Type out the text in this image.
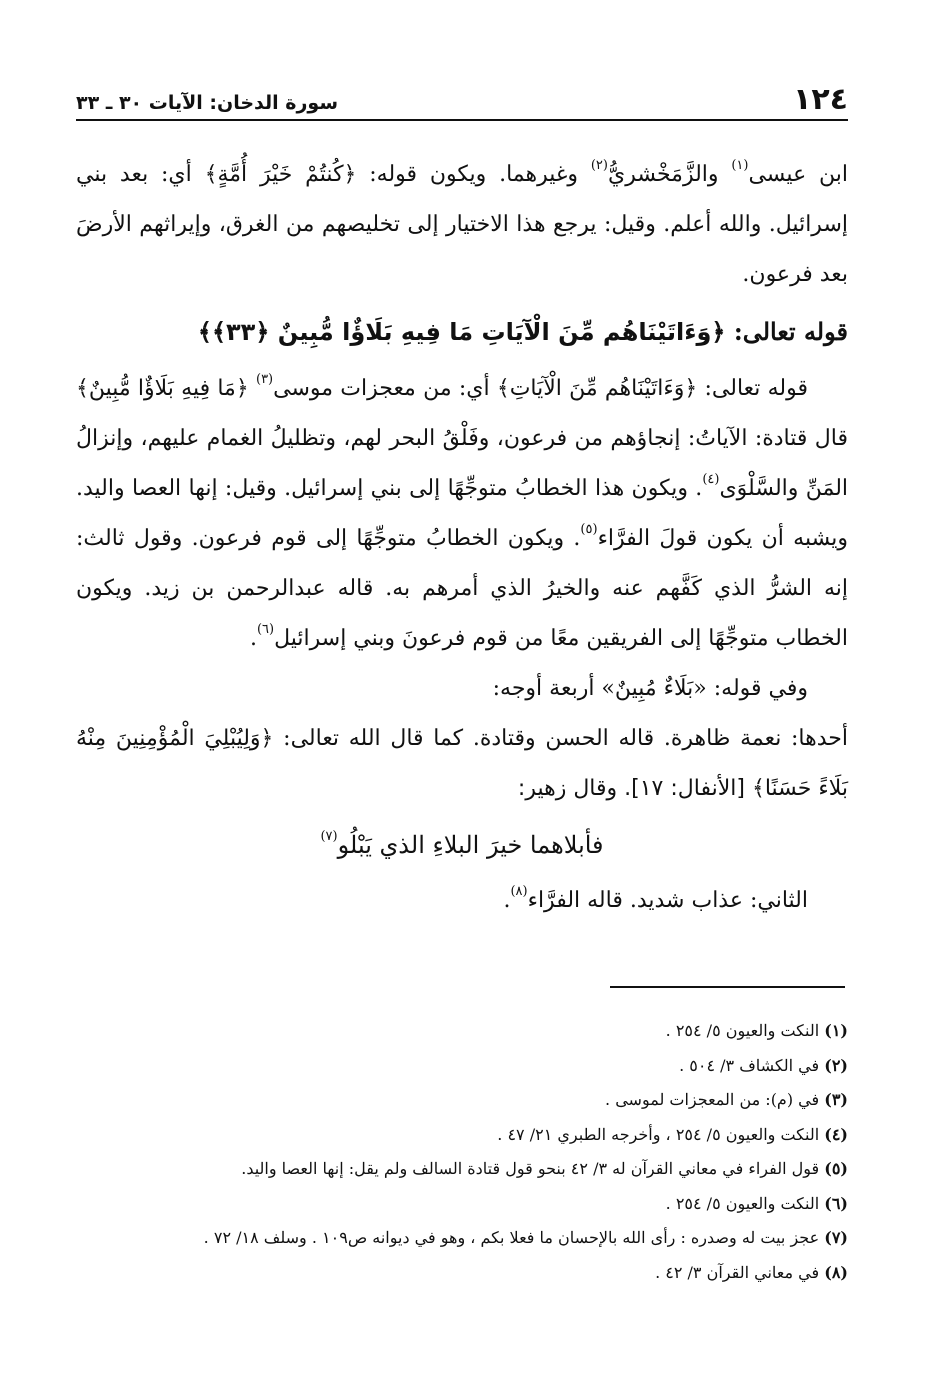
١٢٤
سورة الدخان: الآيات ٣٠ ـ ٣٣

ابن عيسى$^{(١)}$ والزَّمَخْشريُّ$^{(٢)}$ وغيرهما. ويكون قوله: ﴿كُنتُمْ خَيْرَ أُمَّةٍ﴾ أي: بعد بني إسرائيل. والله أعلم. وقيل: يرجع هذا الاختيار إلى تخليصهم من الغرق، وإيراثهم الأرضَ بعد فرعون.

قوله تعالى: ﴿وَءَاتَيْنَاهُم مِّنَ الْآيَاتِ مَا فِيهِ بَلَاؤٌا مُّبِينٌ ﴿٣٣﴾﴾

قوله تعالى: ﴿وَءَاتَيْنَاهُم مِّنَ الْآيَاتِ﴾ أي: من معجزات موسى$^{(٣)}$ ﴿مَا فِيهِ بَلَاؤٌا مُّبِينٌ﴾ قال قتادة: الآياتُ: إنجاؤهم من فرعون، وفَلْقُ البحر لهم، وتظليلُ الغمام عليهم، وإنزالُ المَنِّ والسَّلْوَى$^{(٤)}$. ويكون هذا الخطابُ متوجِّهًا إلى بني إسرائيل. وقيل: إنها العصا واليد. ويشبه أن يكون قولَ الفرَّاء$^{(٥)}$. ويكون الخطابُ متوجِّهًا إلى قوم فرعون. وقول ثالث: إنه الشرُّ الذي كَفَّهم عنه والخيرُ الذي أمرهم به. قاله عبدالرحمن بن زيد. ويكون الخطاب متوجِّهًا إلى الفريقين معًا من قوم فرعونَ وبني إسرائيل$^{(٦)}$.

وفي قوله: «بَلَاءٌ مُبِينٌ» أربعة أوجه:

أحدها: نعمة ظاهرة. قاله الحسن وقتادة. كما قال الله تعالى: ﴿وَلِيُبْلِيَ الْمُؤْمِنِينَ مِنْهُ بَلَاءً حَسَنًا﴾ [الأنفال: ١٧]. وقال زهير:

فأبلاهما خيرَ البلاءِ الذي يَبْلُو$^{(٧)}$

الثاني: عذاب شديد. قاله الفرَّاء$^{(٨)}$.

(١) النكت والعيون ٥/ ٢٥٤ .

(٢) في الكشاف ٣/ ٥٠٤ .

(٣) في (م): من المعجزات لموسى .

(٤) النكت والعيون ٥/ ٢٥٤ ، وأخرجه الطبري ٢١/ ٤٧ .

(٥) قول الفراء في معاني القرآن له ٣/ ٤٢ بنحو قول قتادة السالف ولم يقل: إنها العصا واليد.

(٦) النكت والعيون ٥/ ٢٥٤ .

(٧) عجز بيت له وصدره : رأى الله بالإحسان ما فعلا بكم ، وهو في ديوانه ص١٠٩ . وسلف ١٨/ ٧٢ .

(٨) في معاني القرآن ٣/ ٤٢ .
